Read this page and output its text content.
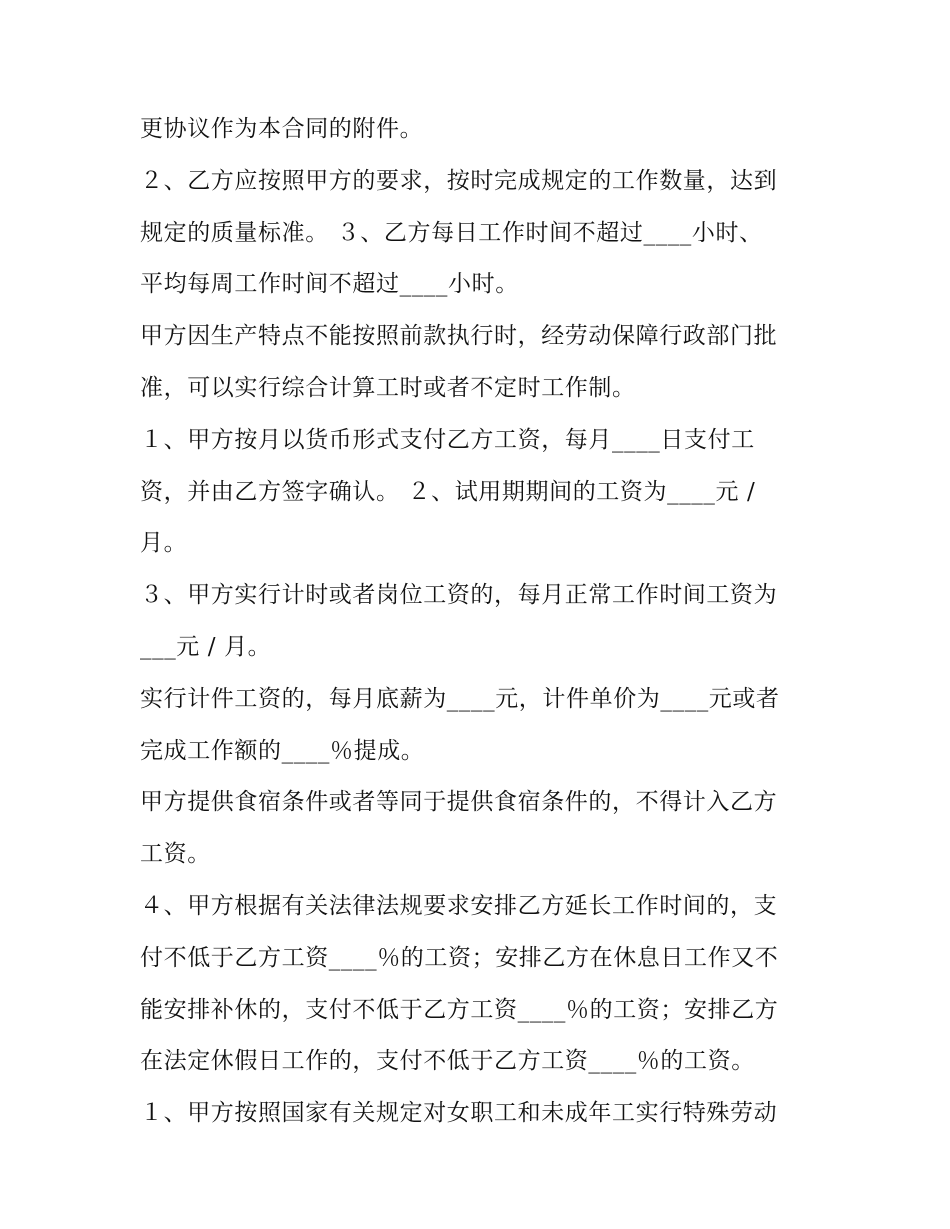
更协议作为本合同的附件。
２、乙方应按照甲方的要求，按时完成规定的工作数量，达到
规定的质量标准。 ３、乙方每日工作时间不超过____小时、
平均每周工作时间不超过____小时。
甲方因生产特点不能按照前款执行时，经劳动保障行政部门批
准，可以实行综合计算工时或者不定时工作制。
１、甲方按月以货币形式支付乙方工资，每月____日支付工
资，并由乙方签字确认。 ２、试用期期间的工资为____元 /
月。
３、甲方实行计时或者岗位工资的，每月正常工作时间工资为
___元 / 月。
实行计件工资的，每月底薪为____元，计件单价为____元或者
完成工作额的____％提成。
甲方提供食宿条件或者等同于提供食宿条件的，不得计入乙方
工资。
４、甲方根据有关法律法规要求安排乙方延长工作时间的，支
付不低于乙方工资____％的工资；安排乙方在休息日工作又不
能安排补休的，支付不低于乙方工资____％的工资；安排乙方
在法定休假日工作的，支付不低于乙方工资____％的工资。
１、甲方按照国家有关规定对女职工和未成年工实行特殊劳动
